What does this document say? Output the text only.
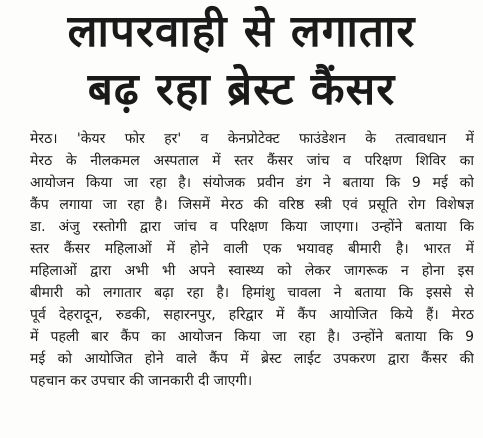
लापरवाही से लगातार
बढ़ रहा ब्रेस्ट कैंसर
मेरठ। 'केयर फोर हर' व केनप्रोटेक्ट फाउंडेशन के तत्वावधान में
मेरठ के नीलकमल अस्पताल में स्तर कैंसर जांच व परिक्षण शिविर का
आयोजन किया जा रहा है। संयोजक प्रवीन डंग ने बताया कि 9 मई को
कैंप लगाया जा रहा है। जिसमें मेरठ की वरिष्ठ स्त्री एवं प्रसूति रोग विशेषज्ञ
डा. अंजु रस्तोगी द्वारा जांच व परिक्षण किया जाएगा। उन्होंने बताया कि
स्तर कैंसर महिलाओं में होने वाली एक भयावह बीमारी है। भारत में
महिलाओं द्वारा अभी भी अपने स्वास्थ्य को लेकर जागरूक न होना इस
बीमारी को लगातार बढ़ा रहा है। हिमांशु चावला ने बताया कि इससे से
पूर्व देहरादून, रुडकी, सहारनपुर, हरिद्वार में कैंप आयोजित किये हैं। मेरठ
में पहली बार कैंप का आयोजन किया जा रहा है। उन्होंने बताया कि 9
मई को आयोजित होने वाले कैंप में ब्रेस्ट लाईट उपकरण द्वारा कैंसर की
पहचान कर उपचार की जानकारी दी जाएगी।
